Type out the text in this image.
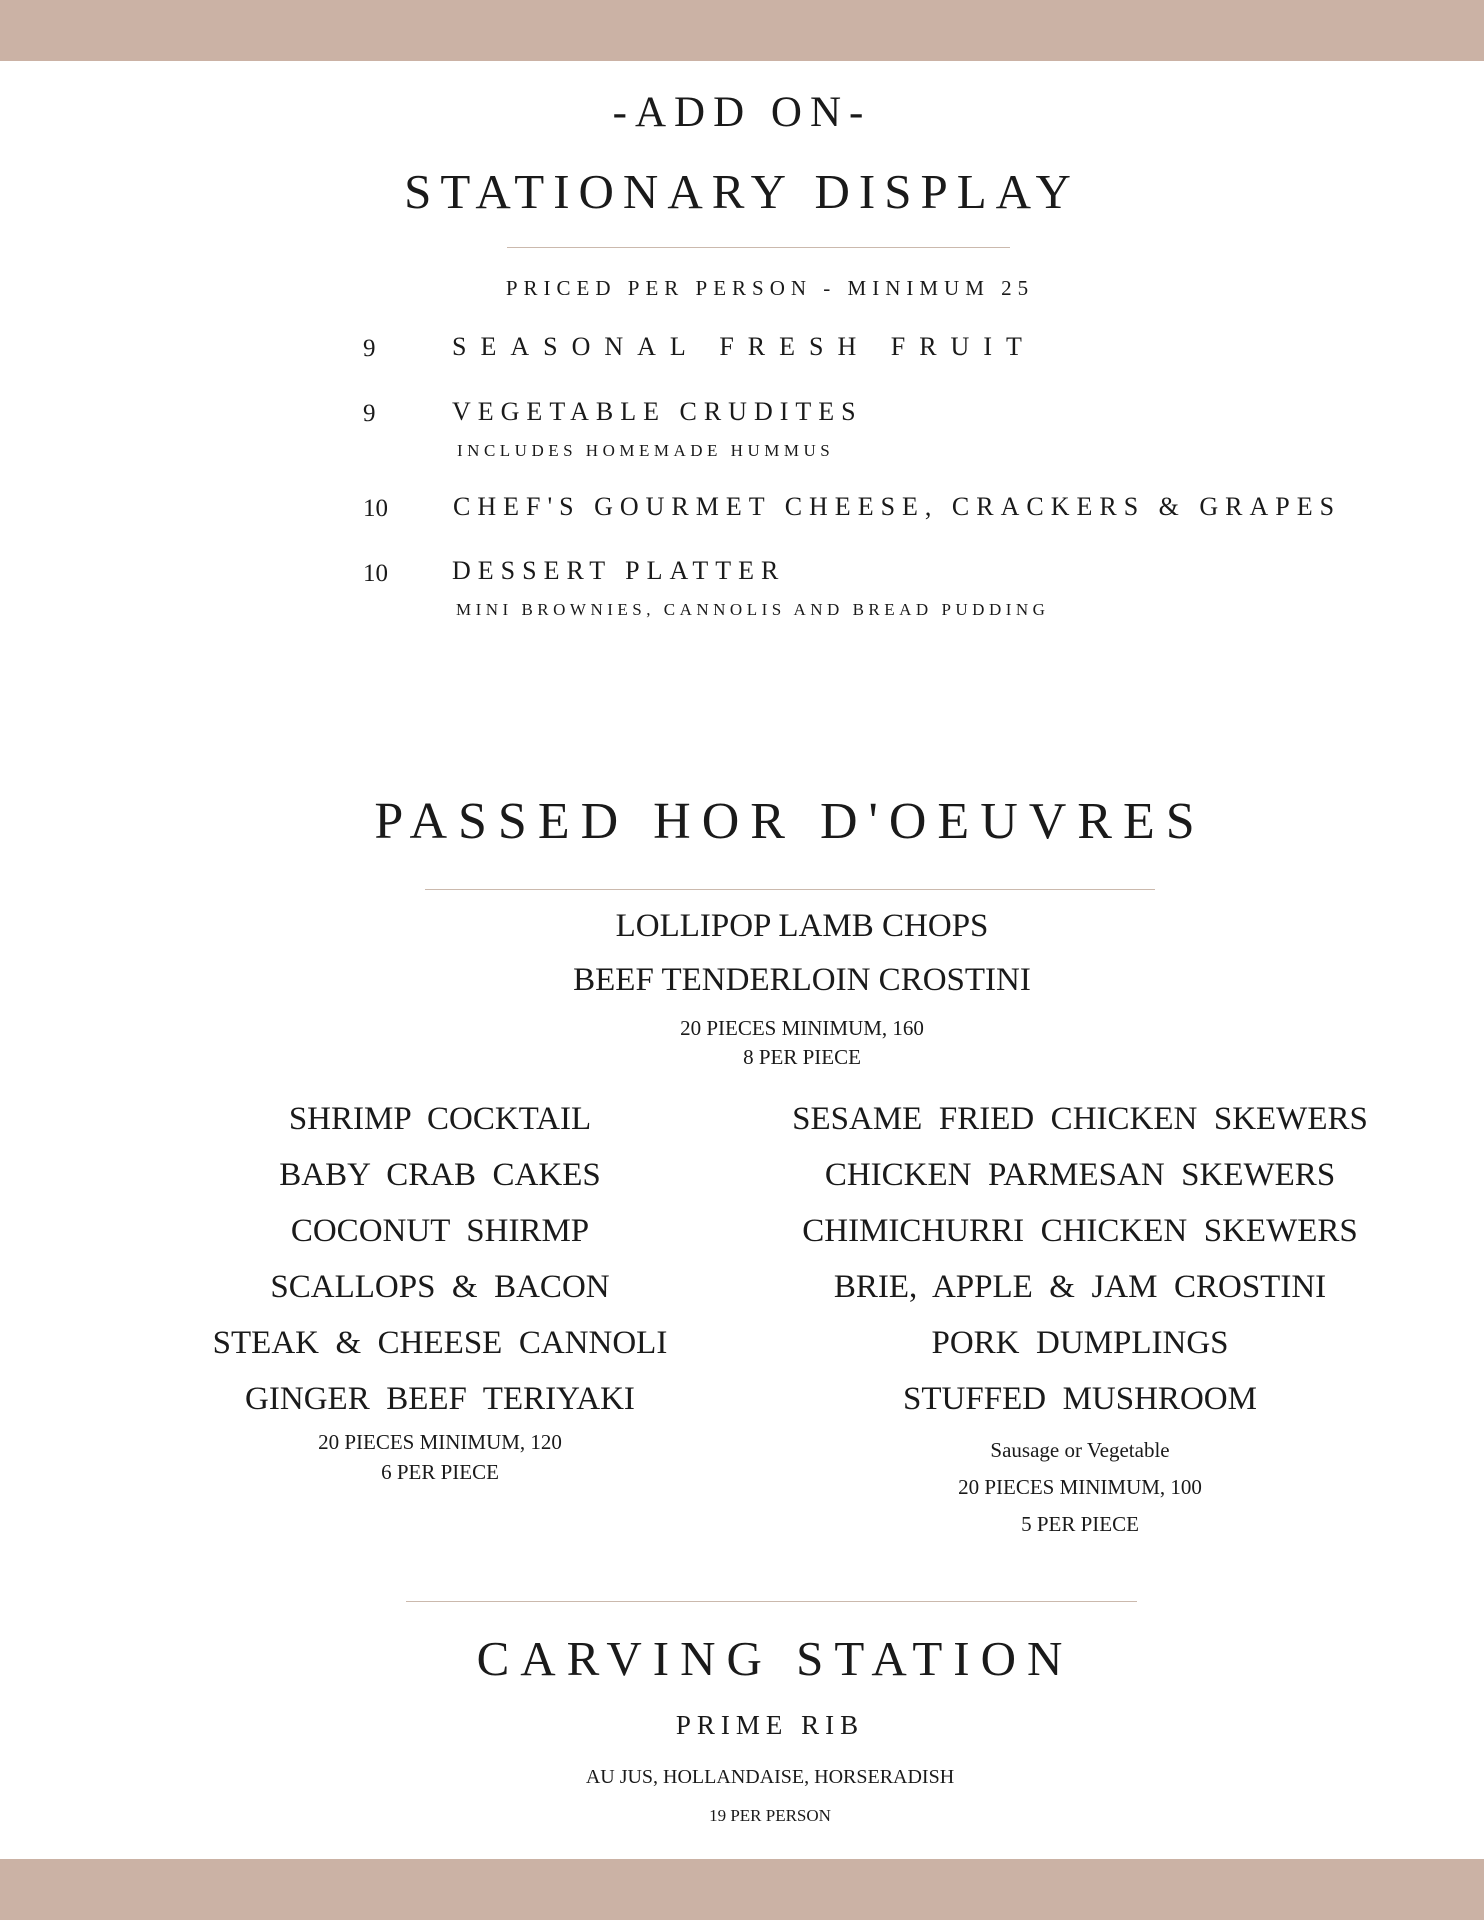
-ADD ON-
STATIONARY DISPLAY
PRICED PER PERSON - MINIMUM 25
9	SEASONAL FRESH FRUIT
9	VEGETABLE CRUDITES
INCLUDES HOMEMADE HUMMUS
10	CHEF'S GOURMET CHEESE, CRACKERS & GRAPES
10 DESSERT PLATTER
MINI BROWNIES, CANNOLIS AND BREAD PUDDING
PASSED HOR D'OEUVRES
LOLLIPOP LAMB CHOPS
BEEF TENDERLOIN CROSTINI
20 PIECES MINIMUM, 160
8 PER PIECE
SHRIMP  COCKTAIL
BABY  CRAB  CAKES
COCONUT  SHIRMP
SCALLOPS  &  BACON
STEAK  &  CHEESE  CANNOLI
GINGER  BEEF  TERIYAKI
20 PIECES MINIMUM, 120
6 PER PIECE
SESAME  FRIED  CHICKEN  SKEWERS
CHICKEN  PARMESAN  SKEWERS
CHIMICHURRI  CHICKEN  SKEWERS
BRIE,  APPLE  &  JAM  CROSTINI
PORK  DUMPLINGS
STUFFED  MUSHROOM
Sausage or Vegetable
20 PIECES MINIMUM, 100
5 PER PIECE
CARVING STATION
PRIME RIB
AU JUS, HOLLANDAISE, HORSERADISH
19 PER PERSON
